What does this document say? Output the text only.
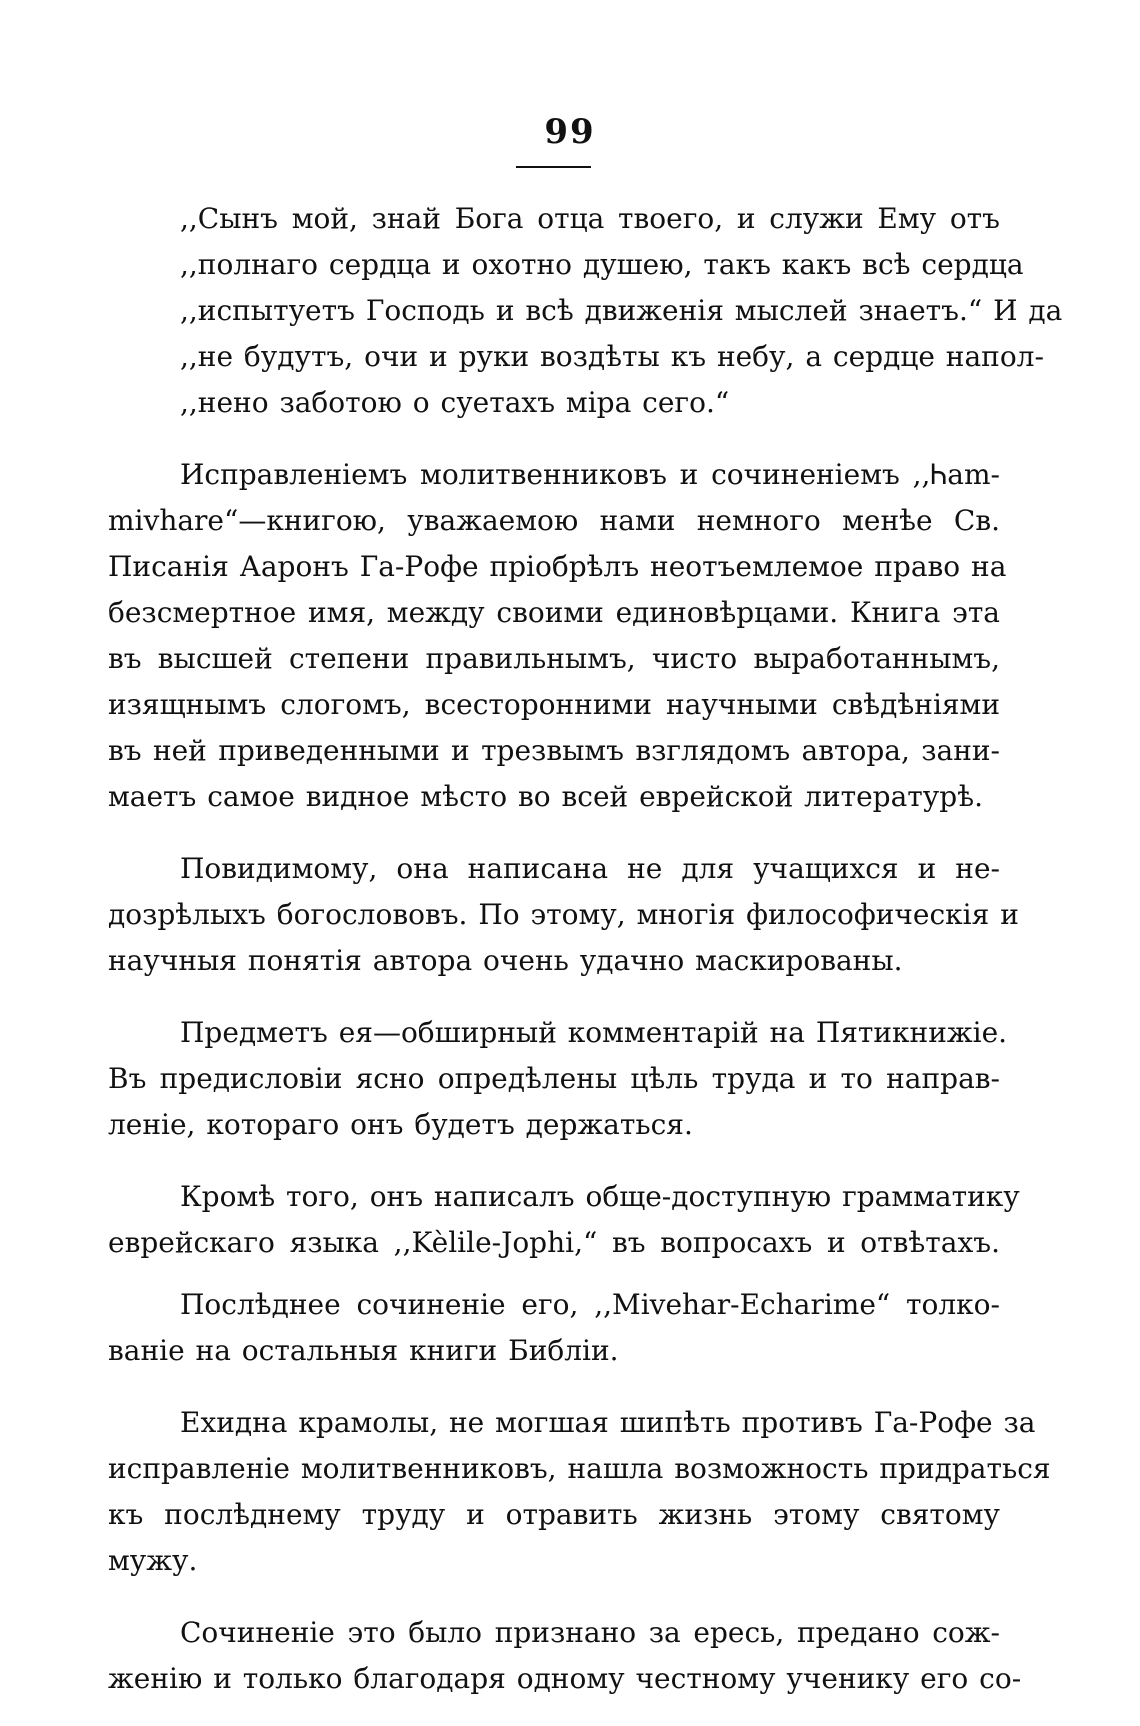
99

,,Сынъ мой, знай Бога отца твоего, и служи Ему отъ
,,полнаго сердца и охотно душею, такъ какъ всѣ сердца
,,испытуетъ Господь и всѣ движенія мыслей знаетъ.“ И да
,,не будутъ, очи и руки воздѣты къ небу, а сердце напол-
,,нено заботою о суетахъ міра сего.“

Исправленіемъ молитвенниковъ и сочиненіемъ ,,Ꮒam-
mivhare“—книгою, уважаемою нами немного менѣе Св.
Писанія Ааронъ Га-Рофе пріобрѣлъ неотъемлемое право на
безсмертное имя, между своими единовѣрцами. Книга эта
въ высшей степени правильнымъ, чисто выработаннымъ,
изящнымъ слогомъ, всесторонними научными свѣдѣніями
въ ней приведенными и трезвымъ взглядомъ автора, зани-
маетъ самое видное мѣсто во всей еврейской литературѣ.

Повидимому, она написана не для учащихся и не-
дозрѣлыхъ богослововъ. По этому, многія философическія и
научныя понятія автора очень удачно маскированы.

Предметъ ея—обширный комментарій на Пятикнижіе.
Въ предисловіи ясно опредѣлены цѣль труда и то направ-
леніе, котораго онъ будетъ держаться.

Кромѣ того, онъ написалъ обще-доступную грамматику
еврейскаго языка ,,Kèlile-Jophi,“ въ вопросахъ и отвѣтахъ.

Послѣднее сочиненіе его, ,,Mivehar-Echarime“ толко-
ваніе на остальныя книги Библіи.

Ехидна крамолы, не могшая шипѣть противъ Га-Рофе за
исправленіе молитвенниковъ, нашла возможность придраться
къ послѣднему труду и отравить жизнь этому святому
мужу.

Сочиненіе это было признано за ересь, предано сож-
женію и только благодаря одному честному ученику его со-
